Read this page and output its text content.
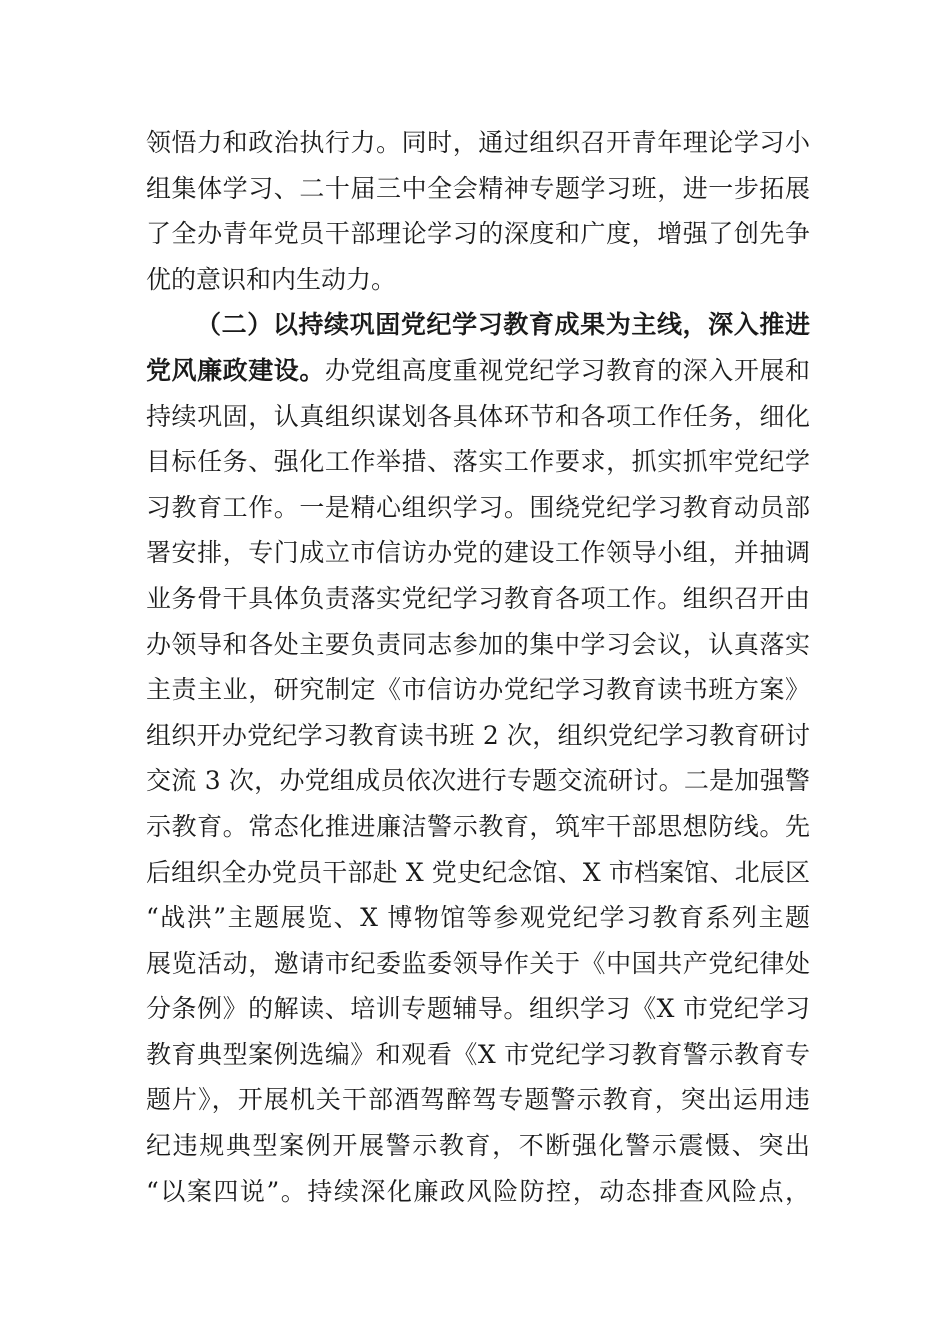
领悟力和政治执行力。同时，通过组织召开青年理论学习小
组集体学习、二十届三中全会精神专题学习班，进一步拓展
了全办青年党员干部理论学习的深度和广度，增强了创先争
优的意识和内生动力。
（二）以持续巩固党纪学习教育成果为主线，深入推进
党风廉政建设。办党组高度重视党纪学习教育的深入开展和
持续巩固，认真组织谋划各具体环节和各项工作任务，细化
目标任务、强化工作举措、落实工作要求，抓实抓牢党纪学
习教育工作。一是精心组织学习。围绕党纪学习教育动员部
署安排，专门成立市信访办党的建设工作领导小组，并抽调
业务骨干具体负责落实党纪学习教育各项工作。组织召开由
办领导和各处主要负责同志参加的集中学习会议，认真落实
主责主业，研究制定《市信访办党纪学习教育读书班方案》
组织开办党纪学习教育读书班 2 次，组织党纪学习教育研讨
交流 3 次，办党组成员依次进行专题交流研讨。二是加强警
示教育。常态化推进廉洁警示教育，筑牢干部思想防线。先
后组织全办党员干部赴 X 党史纪念馆、X 市档案馆、北辰区
“战洪”主题展览、X 博物馆等参观党纪学习教育系列主题
展览活动，邀请市纪委监委领导作关于《中国共产党纪律处
分条例》的解读、培训专题辅导。组织学习《X 市党纪学习
教育典型案例选编》和观看《X 市党纪学习教育警示教育专
题片》，开展机关干部酒驾醉驾专题警示教育，突出运用违
纪违规典型案例开展警示教育，不断强化警示震慑、突出
“以案四说”。持续深化廉政风险防控，动态排查风险点，
